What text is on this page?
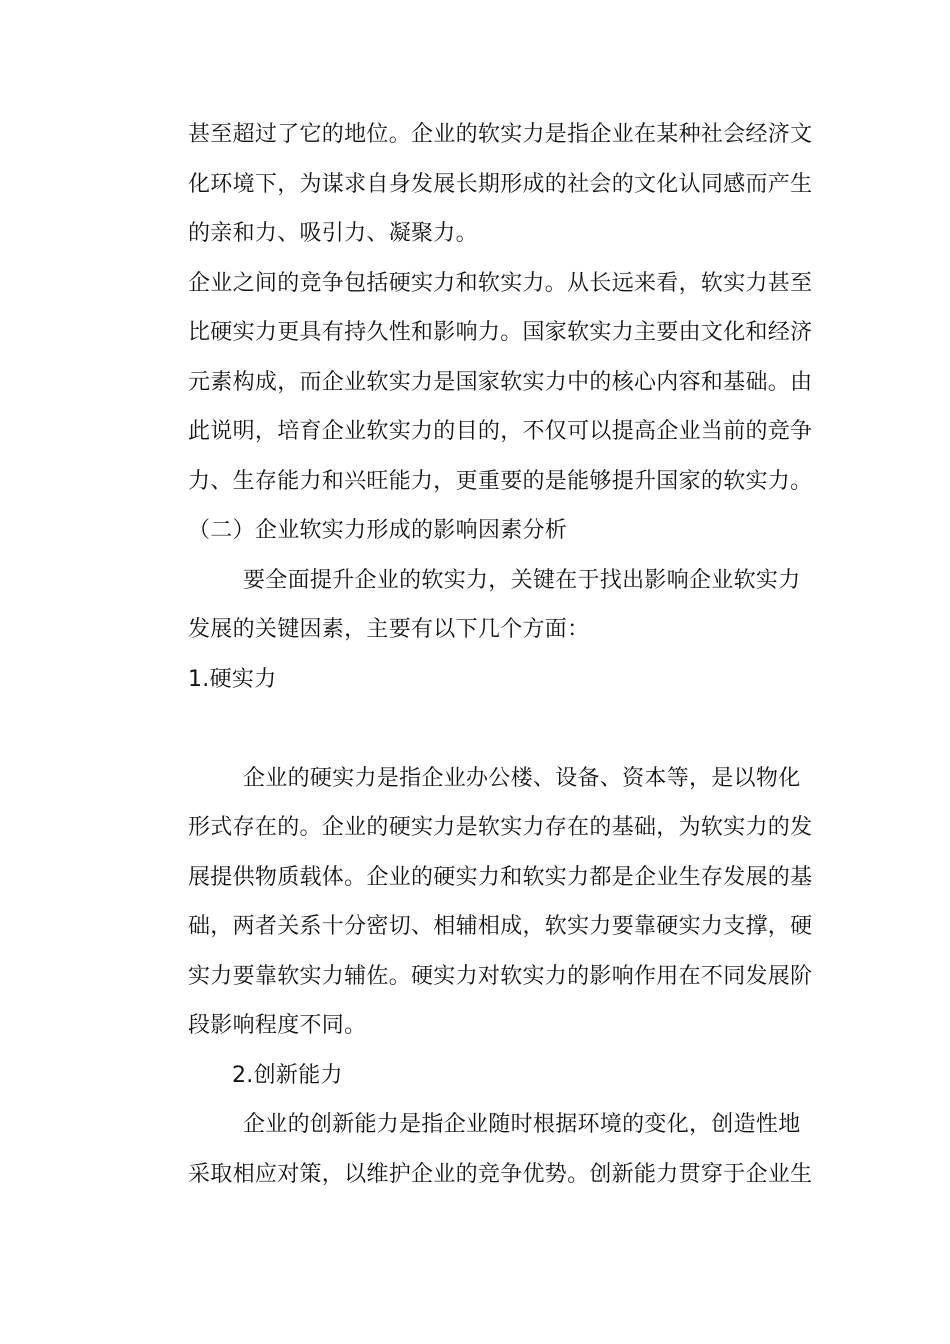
甚至超过了它的地位。企业的软实力是指企业在某种社会经济文
化环境下，为谋求自身发展长期形成的社会的文化认同感而产生
的亲和力、吸引力、凝聚力。
企业之间的竞争包括硬实力和软实力。从长远来看，软实力甚至
比硬实力更具有持久性和影响力。国家软实力主要由文化和经济
元素构成，而企业软实力是国家软实力中的核心内容和基础。由
此说明，培育企业软实力的目的，不仅可以提高企业当前的竞争
力、生存能力和兴旺能力，更重要的是能够提升国家的软实力。
（二）企业软实力形成的影响因素分析
要全面提升企业的软实力，关键在于找出影响企业软实力
发展的关键因素，主要有以下几个方面：
1.硬实力
企业的硬实力是指企业办公楼、设备、资本等，是以物化
形式存在的。企业的硬实力是软实力存在的基础，为软实力的发
展提供物质载体。企业的硬实力和软实力都是企业生存发展的基
础，两者关系十分密切、相辅相成，软实力要靠硬实力支撑，硬
实力要靠软实力辅佐。硬实力对软实力的影响作用在不同发展阶
段影响程度不同。
2.创新能力
企业的创新能力是指企业随时根据环境的变化，创造性地
采取相应对策，以维护企业的竞争优势。创新能力贯穿于企业生
